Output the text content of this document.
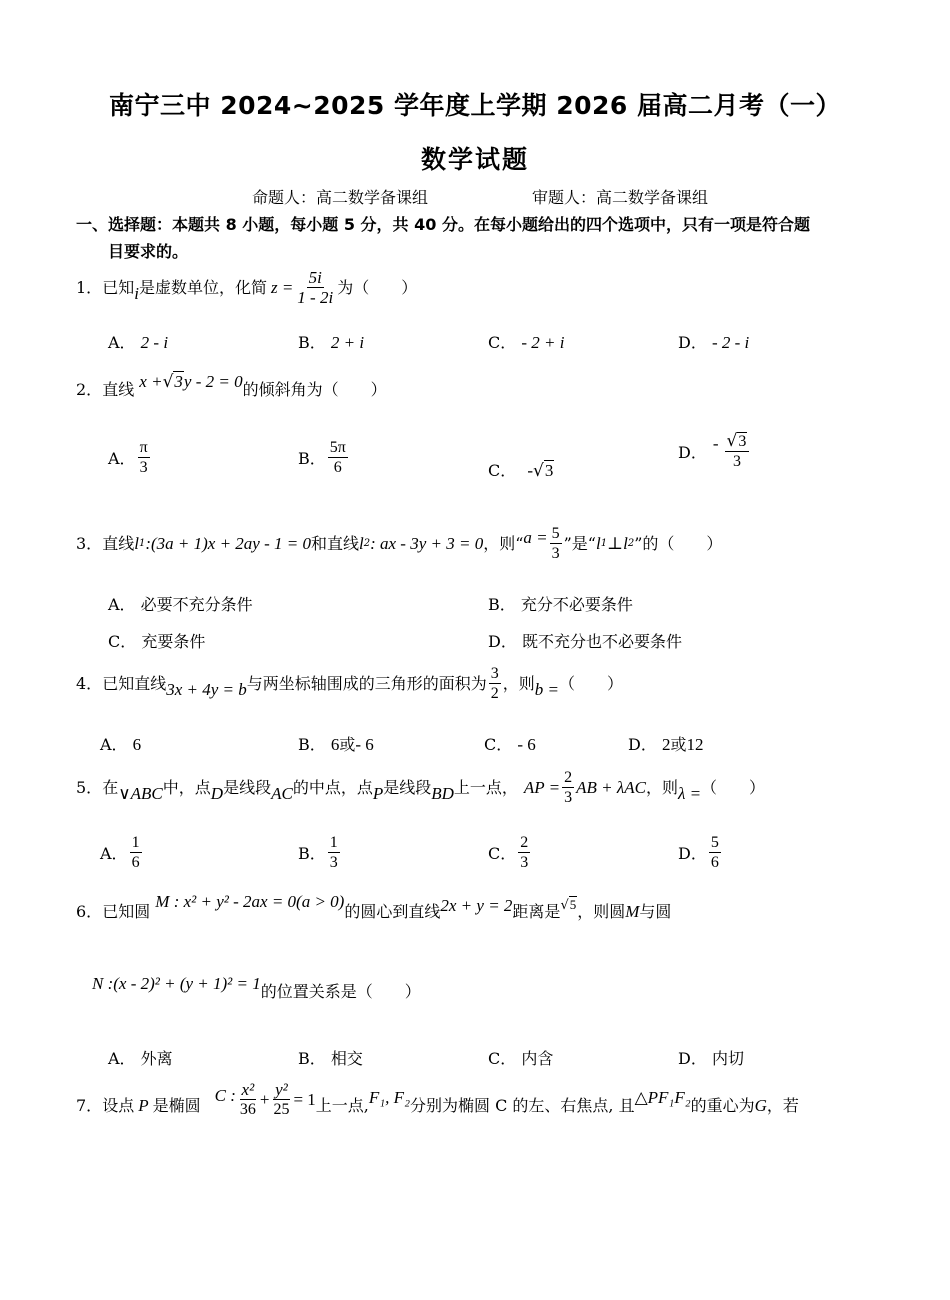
南宁三中 2024~2025 学年度上学期 2026 届高二月考（一）
数学试题
命题人：高二数学备课组	审题人：高二数学备课组
一、选择题：本题共 8 小题，每小题 5 分，共 40 分。在每小题给出的四个选项中，只有一项是符合题
目要求的。
1． 已知 i 是虚数单位，化简 $z = \frac{5i}{1 - 2i}$ 为（　　）
A． 2 - i	B． 2 + i	C． - 2 + i	D． - 2 - i
2．直线 x +√3y - 2 = 0的倾斜角为（　　）
A． $\frac{\pi}{3}$	B． $\frac{5\pi}{6}$	C． -√3
D． - $\frac{√3}{3}$
3． 直线 l 1 :(3a + 1)x + 2ay - 1 = 0 和直线 l 2 : ax - 3y + 3 = 0 ，则“ $a = \frac{5}{3}$ ”是“ l 1 ⊥ l 2 ”的（　　）
A． 必要不充分条件	B． 充分不必要条件
C． 充要条件	D． 既不充分也不必要条件
4． 已知直线 3x + 4y = b 与两坐标轴围成的三角形的面积为 $\frac{3}{2}$ ，则 b = （　　）
A． 6	B． 6或- 6	C． - 6	D． 2或12
5． 在 ∨ABC 中，点 D 是线段 AC 的中点，点 P 是线段 BD 上一点， AP = $\frac{2}{3}$ AB + λAC ，则 λ = （　　）
A． $\frac{1}{6}$	B． $\frac{1}{3}$	C． $\frac{2}{3}$	D． $\frac{5}{6}$
6．已知圆 M : x² + y² - 2ax = 0(a > 0)的圆心到直线2x + y = 2距离是$^{√5}$，则圆M与圆
N :(x - 2)² + (y + 1)² = 1的位置关系是（　　）
A． 外离	B． 相交	C． 内含	D． 内切
7． 设点 P 是椭圆
C : $\frac{\text{x²}}{36} + \frac{\text{y²}}{25} = 1$ 上一点, F₁, F₂ 分别为椭圆 C 的左、右焦点, 且 △PF₁F₂ 的重心为 G ，若
